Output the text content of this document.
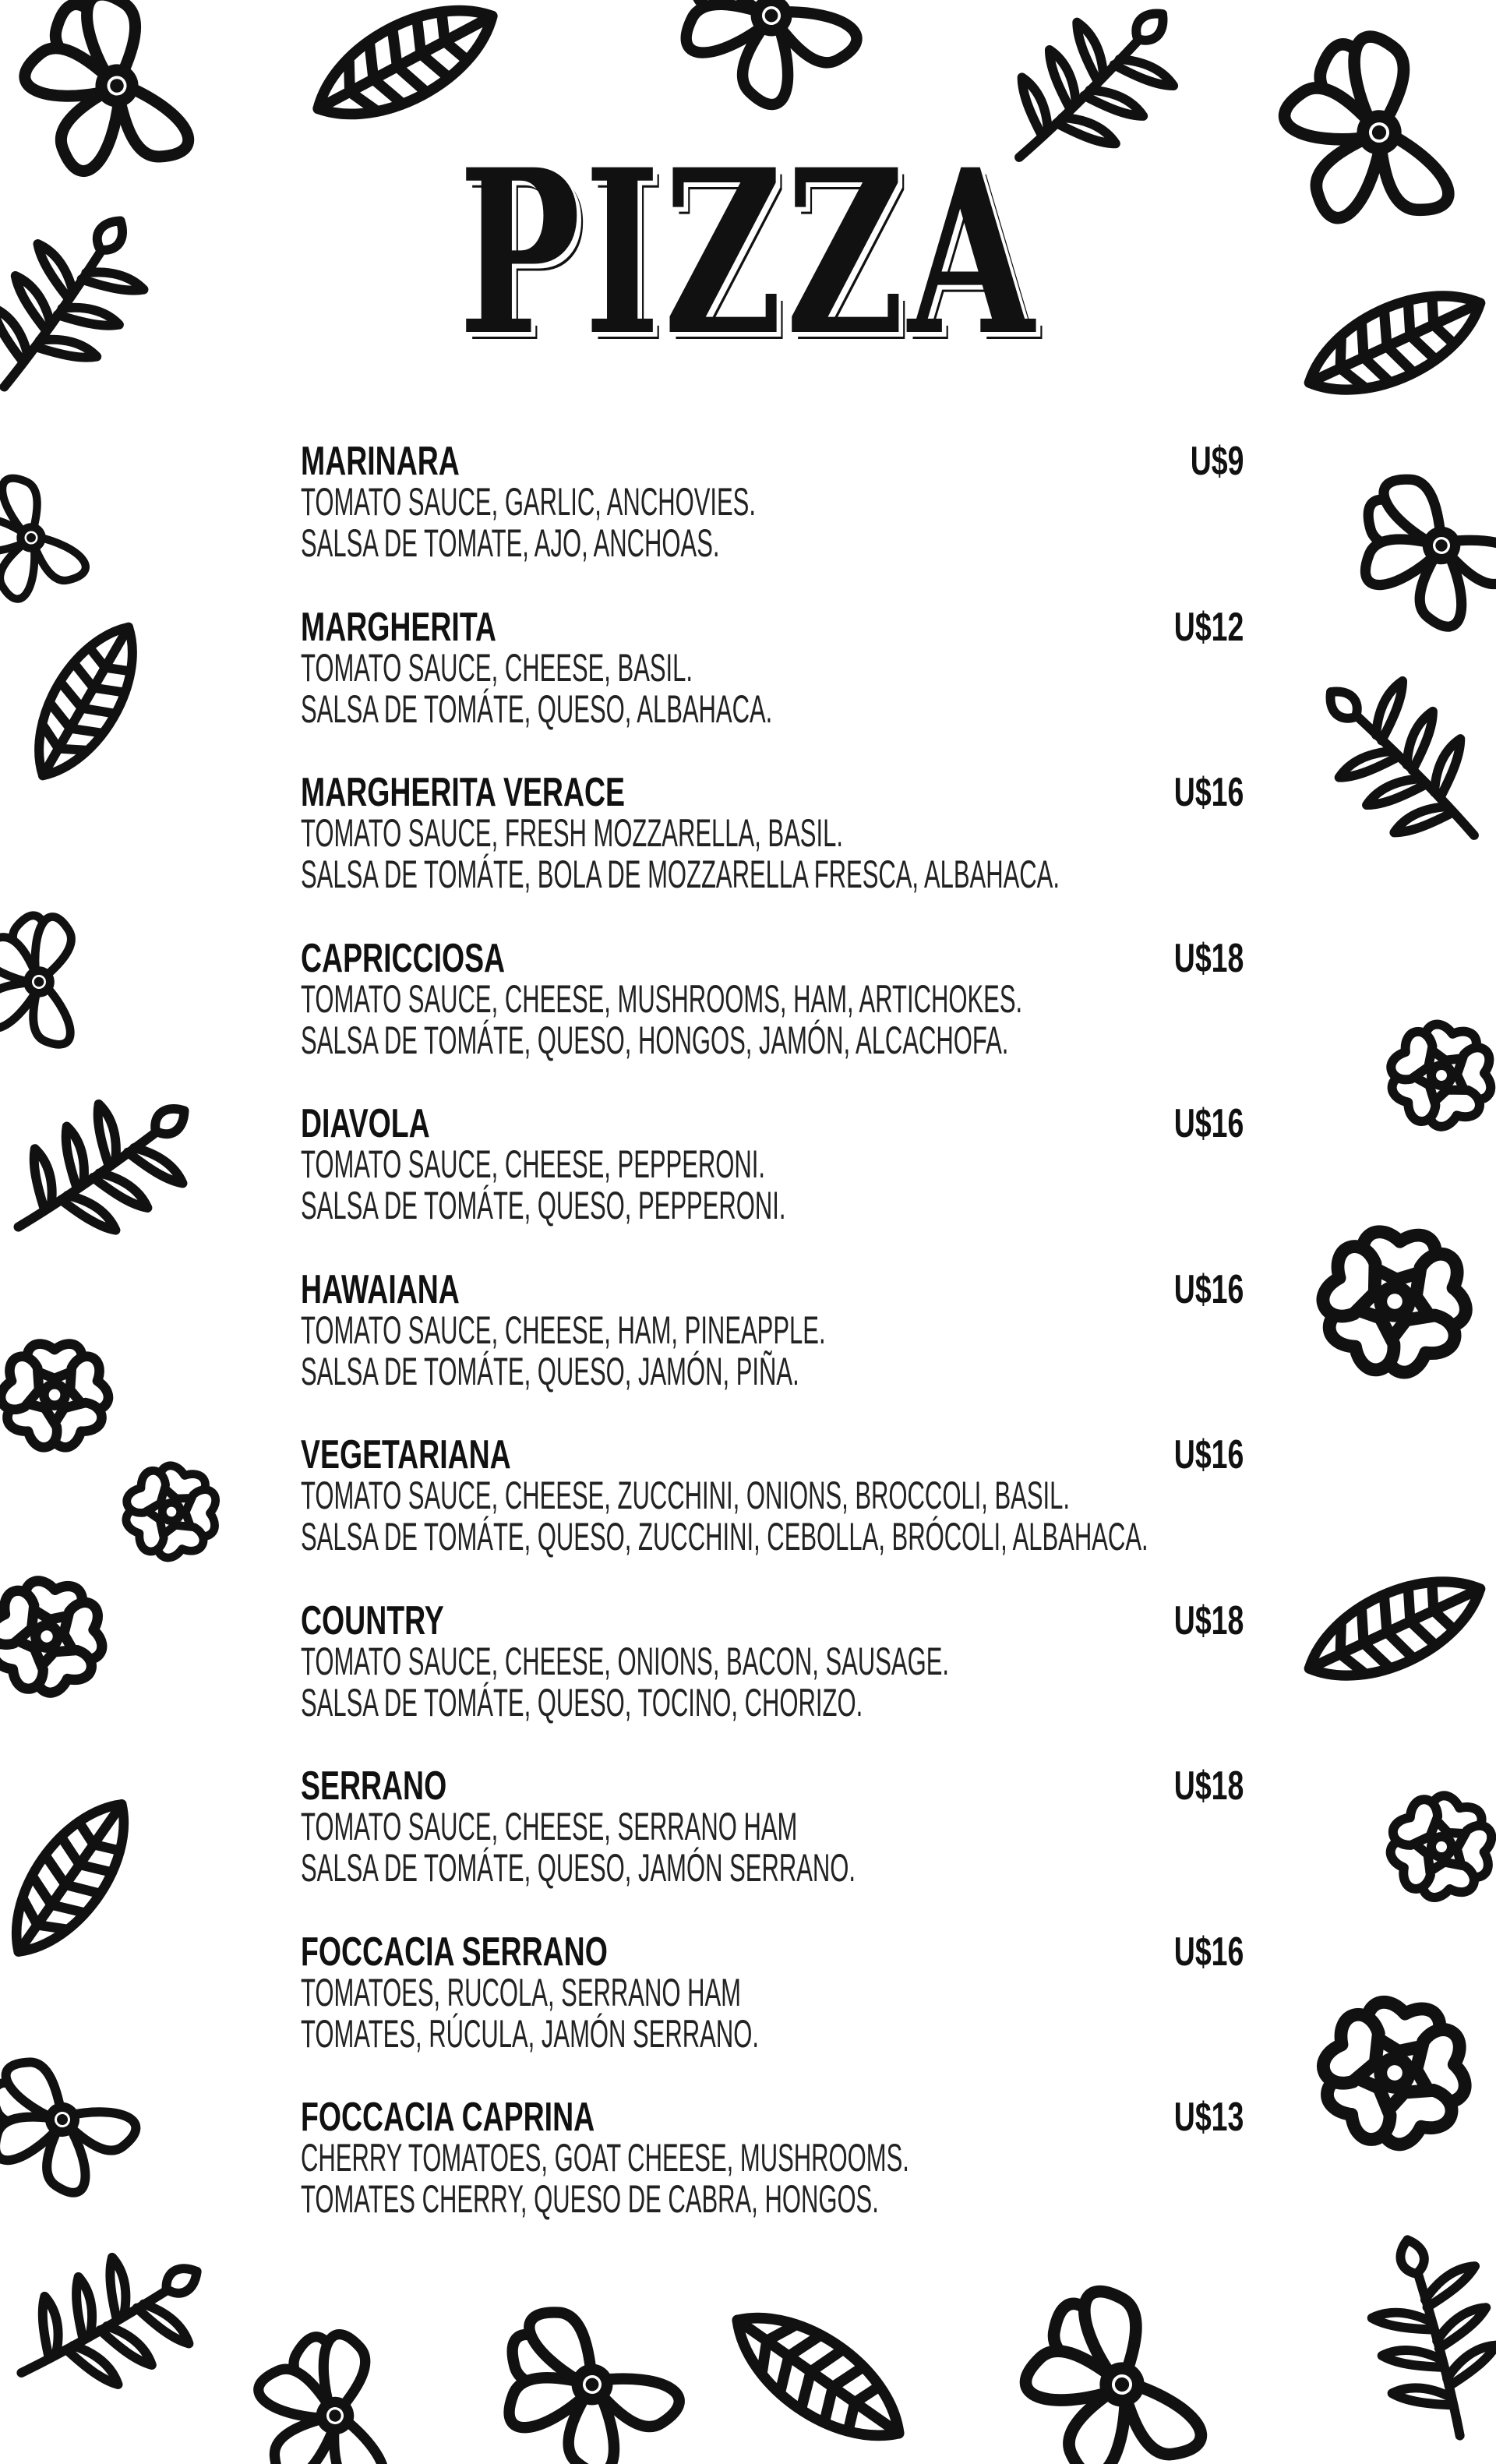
PIZZA
MARINARA
TOMATO SAUCE, GARLIC, ANCHOVIES.
SALSA DE TOMATE, AJO, ANCHOAS.
U$9
MARGHERITA
TOMATO SAUCE, CHEESE, BASIL.
SALSA DE TOMÁTE, QUESO, ALBAHACA.
U$12
MARGHERITA VERACE
TOMATO SAUCE, FRESH MOZZARELLA, BASIL.
SALSA DE TOMÁTE, BOLA DE MOZZARELLA FRESCA, ALBAHACA.
U$16
CAPRICCIOSA
TOMATO SAUCE, CHEESE, MUSHROOMS, HAM, ARTICHOKES.
SALSA DE TOMÁTE, QUESO, HONGOS, JAMÓN, ALCACHOFA.
U$18
DIAVOLA
TOMATO SAUCE, CHEESE, PEPPERONI.
SALSA DE TOMÁTE, QUESO, PEPPERONI.
U$16
HAWAIANA
TOMATO SAUCE, CHEESE, HAM, PINEAPPLE.
SALSA DE TOMÁTE, QUESO, JAMÓN, PIÑA.
U$16
VEGETARIANA
TOMATO SAUCE, CHEESE, ZUCCHINI, ONIONS, BROCCOLI, BASIL.
SALSA DE TOMÁTE, QUESO, ZUCCHINI, CEBOLLA, BRÓCOLI, ALBAHACA.
U$16
COUNTRY
TOMATO SAUCE, CHEESE, ONIONS, BACON, SAUSAGE.
SALSA DE TOMÁTE, QUESO, TOCINO, CHORIZO.
U$18
SERRANO
TOMATO SAUCE, CHEESE, SERRANO HAM
SALSA DE TOMÁTE, QUESO, JAMÓN SERRANO.
U$18
FOCCACIA SERRANO
TOMATOES, RUCOLA, SERRANO HAM
TOMATES, RÚCULA, JAMÓN SERRANO.
U$16
FOCCACIA CAPRINA
CHERRY TOMATOES, GOAT CHEESE, MUSHROOMS.
TOMATES CHERRY, QUESO DE CABRA, HONGOS.
U$13
